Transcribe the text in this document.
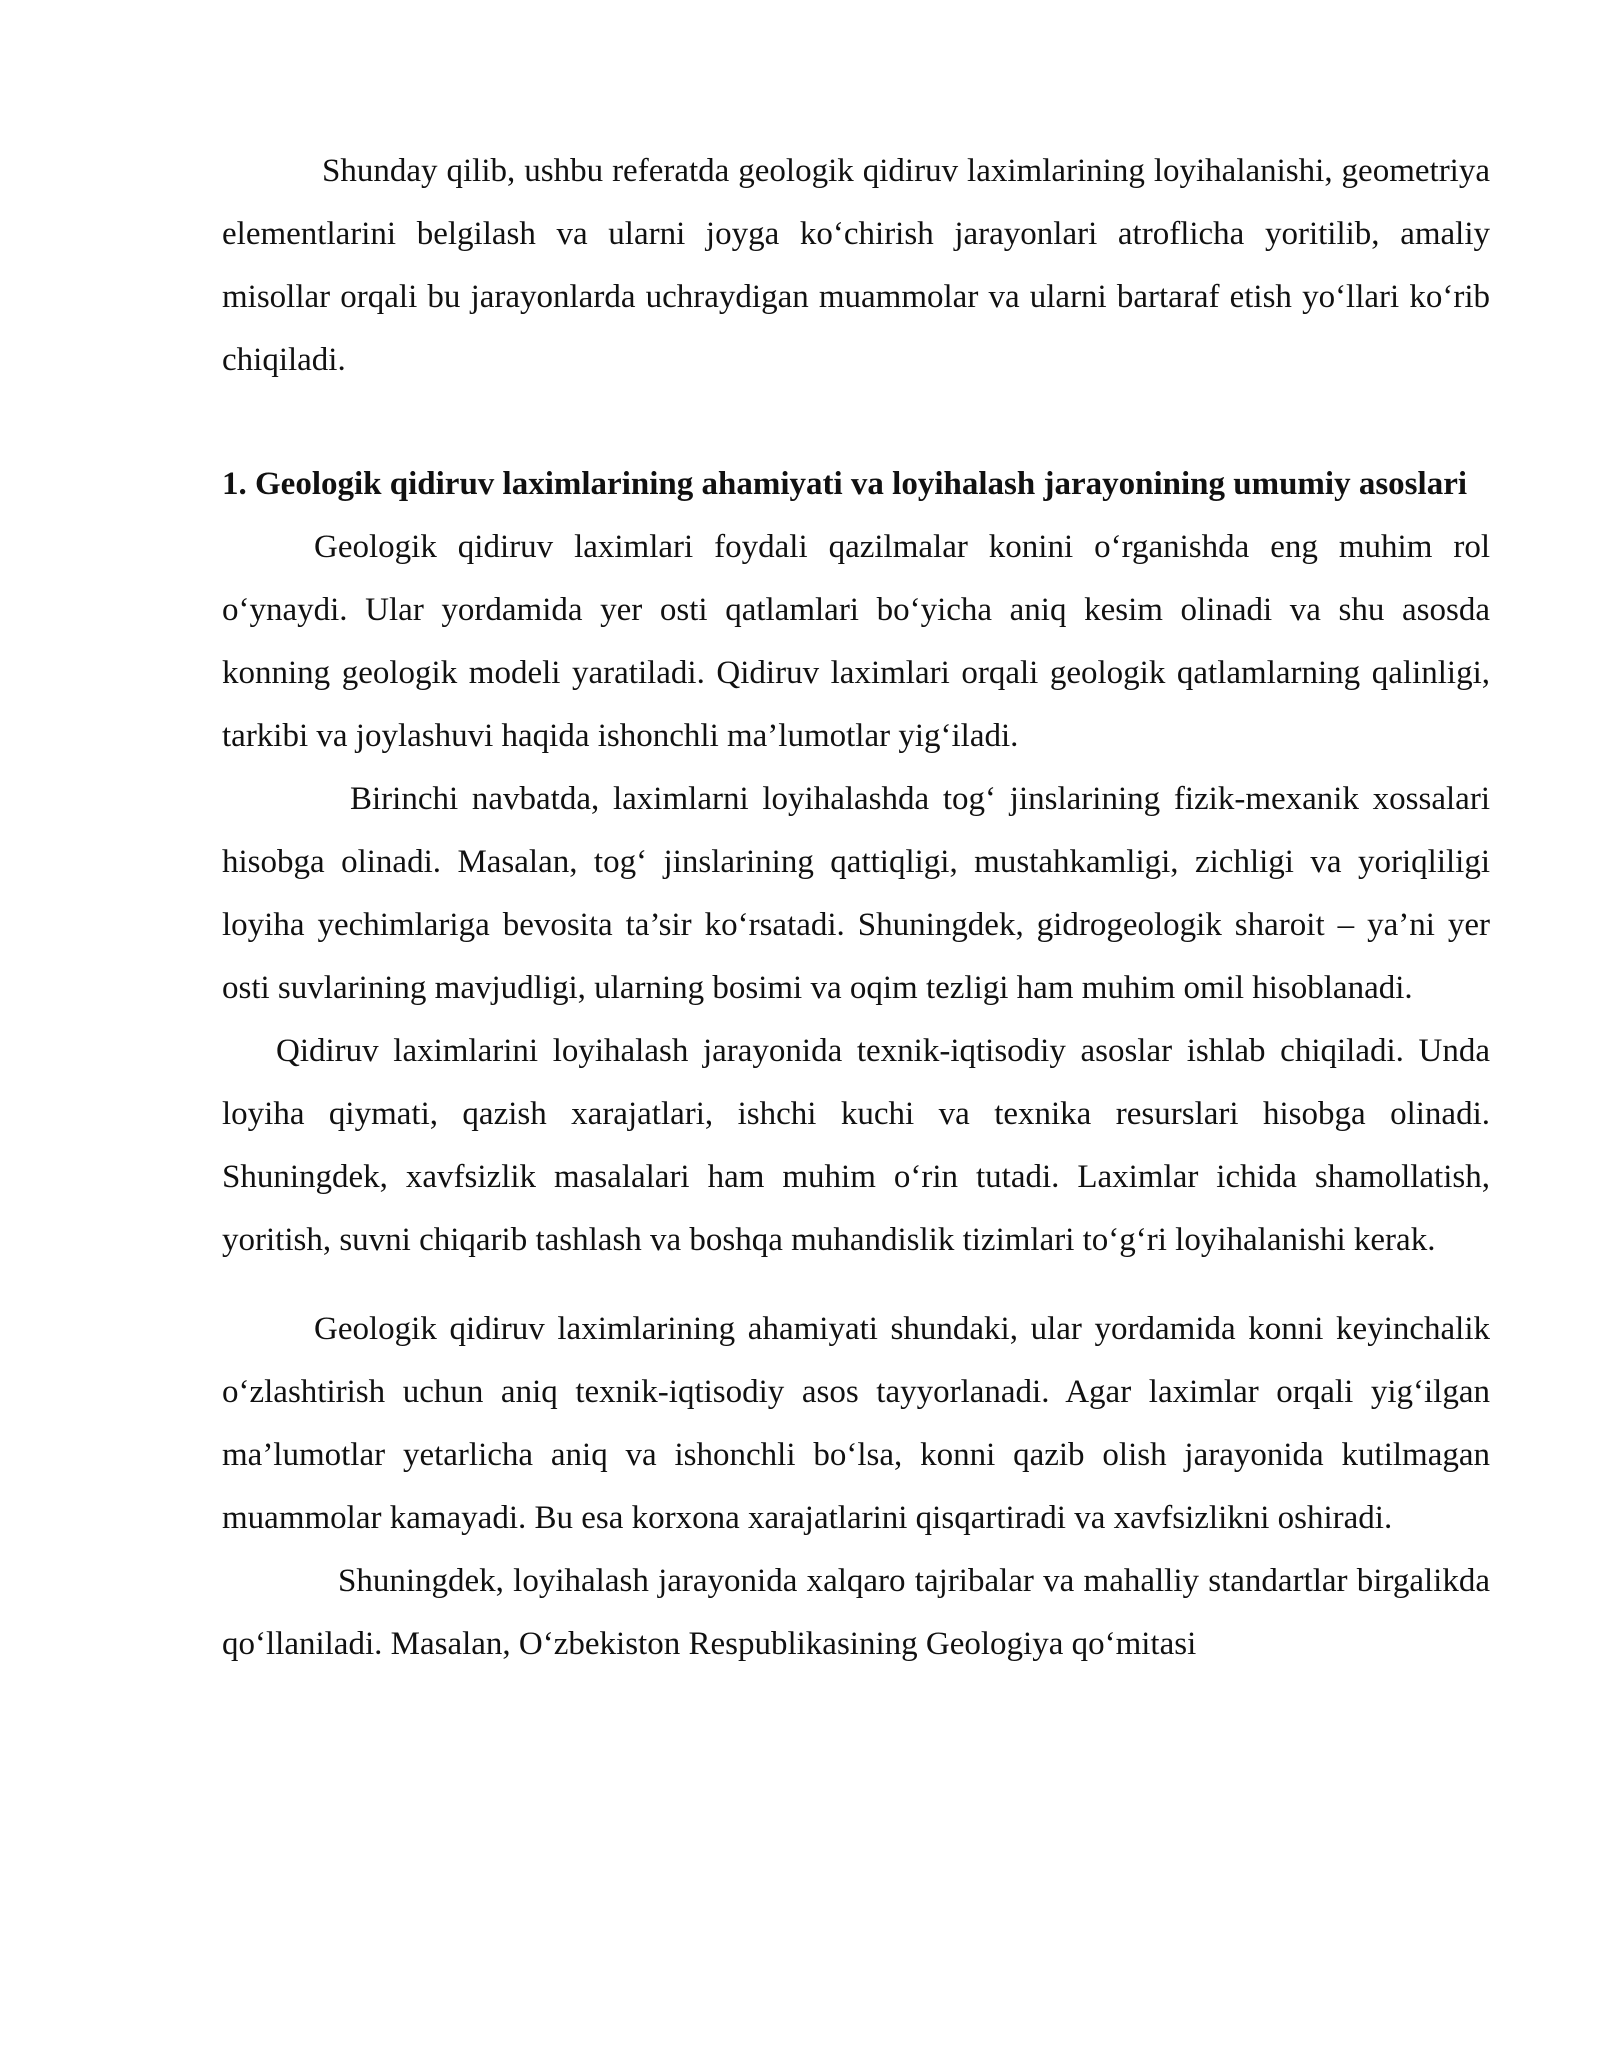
Shunday qilib, ushbu referatda geologik qidiruv laximlarining loyihalanishi, geometriya elementlarini belgilash va ularni joyga ko‘chirish jarayonlari atroflicha yoritilib, amaliy misollar orqali bu jarayonlarda uchraydigan muammolar va ularni bartaraf etish yo‘llari ko‘rib chiqiladi.

1. Geologik qidiruv laximlarining ahamiyati va loyihalash jarayonining umumiy asoslari

Geologik qidiruv laximlari foydali qazilmalar konini o‘rganishda eng muhim rol o‘ynaydi. Ular yordamida yer osti qatlamlari bo‘yicha aniq kesim olinadi va shu asosda konning geologik modeli yaratiladi. Qidiruv laximlari orqali geologik qatlamlarning qalinligi, tarkibi va joylashuvi haqida ishonchli ma’lumotlar yig‘iladi.

Birinchi navbatda, laximlarni loyihalashda tog‘ jinslarining fizik-mexanik xossalari hisobga olinadi. Masalan, tog‘ jinslarining qattiqligi, mustahkamligi, zichligi va yoriqliligi loyiha yechimlariga bevosita ta’sir ko‘rsatadi. Shuningdek, gidrogeologik sharoit – ya’ni yer osti suvlarining mavjudligi, ularning bosimi va oqim tezligi ham muhim omil hisoblanadi.

Qidiruv laximlarini loyihalash jarayonida texnik-iqtisodiy asoslar ishlab chiqiladi. Unda loyiha qiymati, qazish xarajatlari, ishchi kuchi va texnika resurslari hisobga olinadi. Shuningdek, xavfsizlik masalalari ham muhim o‘rin tutadi. Laximlar ichida shamollatish, yoritish, suvni chiqarib tashlash va boshqa muhandislik tizimlari to‘g‘ri loyihalanishi kerak.

Geologik qidiruv laximlarining ahamiyati shundaki, ular yordamida konni keyinchalik o‘zlashtirish uchun aniq texnik-iqtisodiy asos tayyorlanadi. Agar laximlar orqali yig‘ilgan ma’lumotlar yetarlicha aniq va ishonchli bo‘lsa, konni qazib olish jarayonida kutilmagan muammolar kamayadi. Bu esa korxona xarajatlarini qisqartiradi va xavfsizlikni oshiradi.

Shuningdek, loyihalash jarayonida xalqaro tajribalar va mahalliy standartlar birgalikda qo‘llaniladi. Masalan, O‘zbekiston Respublikasining Geologiya qo‘mitasi
